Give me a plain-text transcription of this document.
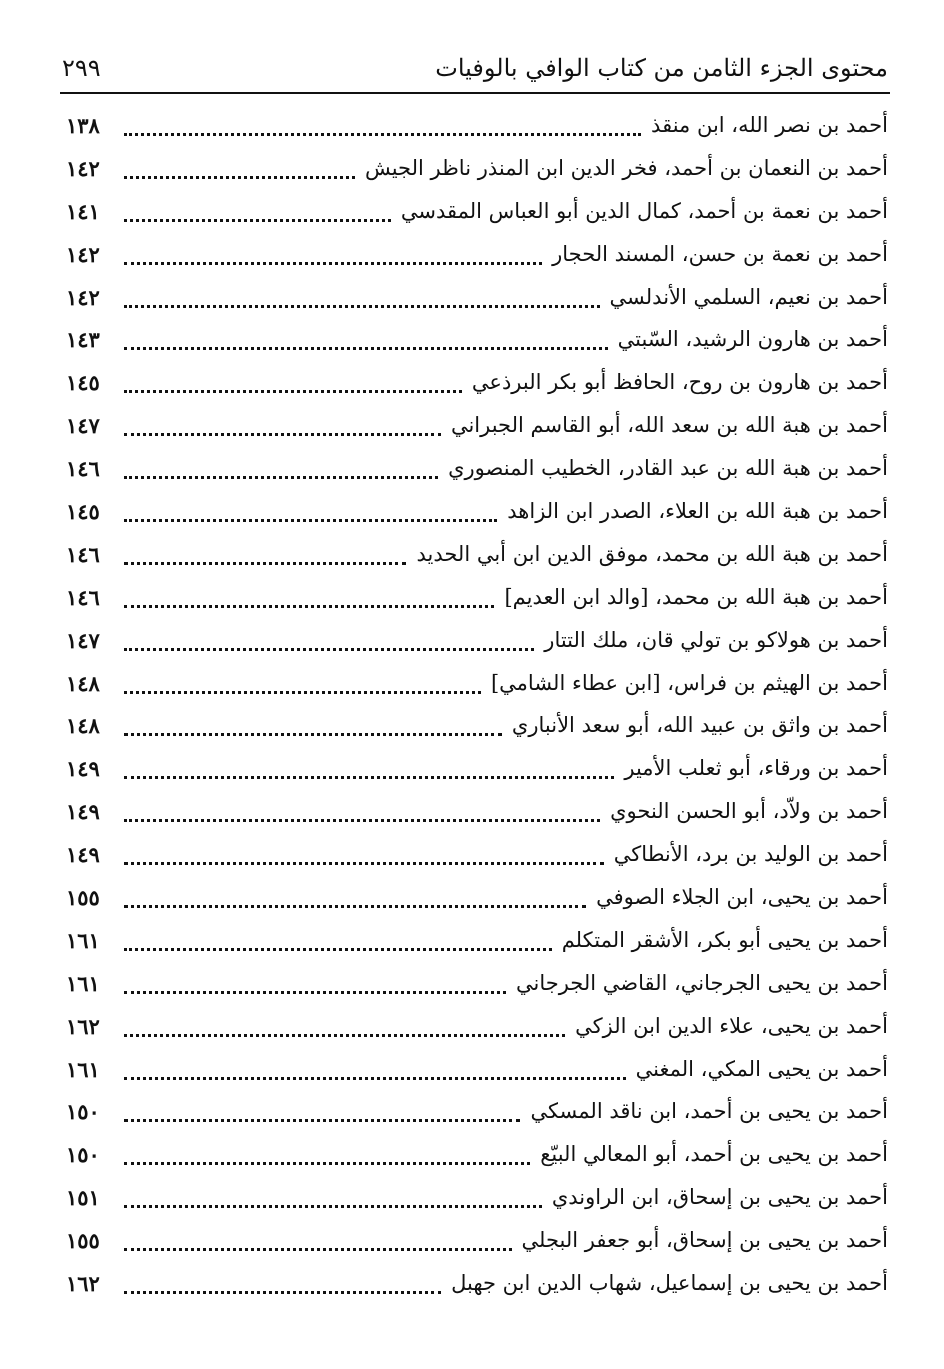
محتوى الجزء الثامن من كتاب الوافي بالوفيات
٢٩٩
أحمد بن نصر الله، ابن منقذ
١٣٨
أحمد بن النعمان بن أحمد، فخر الدين ابن المنذر ناظر الجيش
١٤٢
أحمد بن نعمة بن أحمد، كمال الدين أبو العباس المقدسي
١٤١
أحمد بن نعمة بن حسن، المسند الحجار
١٤٢
أحمد بن نعيم، السلمي الأندلسي
١٤٢
أحمد بن هارون الرشيد، السّبتي
١٤٣
أحمد بن هارون بن روح، الحافظ أبو بكر البرذعي
١٤٥
أحمد بن هبة الله بن سعد الله، أبو القاسم الجبراني
١٤٧
أحمد بن هبة الله بن عبد القادر، الخطيب المنصوري
١٤٦
أحمد بن هبة الله بن العلاء، الصدر ابن الزاهد
١٤٥
أحمد بن هبة الله بن محمد، موفق الدين ابن أبي الحديد
١٤٦
أحمد بن هبة الله بن محمد، [والد ابن العديم]
١٤٦
أحمد بن هولاكو بن تولي قان، ملك التتار
١٤٧
أحمد بن الهيثم بن فراس، [ابن عطاء الشامي]
١٤٨
أحمد بن واثق بن عبيد الله، أبو سعد الأنباري
١٤٨
أحمد بن ورقاء، أبو ثعلب الأمير
١٤٩
أحمد بن ولاّد، أبو الحسن النحوي
١٤٩
أحمد بن الوليد بن برد، الأنطاكي
١٤٩
أحمد بن يحيى، ابن الجلاء الصوفي
١٥٥
أحمد بن يحيى أبو بكر، الأشقر المتكلم
١٦١
أحمد بن يحيى الجرجاني، القاضي الجرجاني
١٦١
أحمد بن يحيى، علاء الدين ابن الزكي
١٦٢
أحمد بن يحيى المكي، المغني
١٦١
أحمد بن يحيى بن أحمد، ابن ناقد المسكي
١٥٠
أحمد بن يحيى بن أحمد، أبو المعالي البيّع
١٥٠
أحمد بن يحيى بن إسحاق، ابن الراوندي
١٥١
أحمد بن يحيى بن إسحاق، أبو جعفر البجلي
١٥٥
أحمد بن يحيى بن إسماعيل، شهاب الدين ابن جهبل
١٦٢
